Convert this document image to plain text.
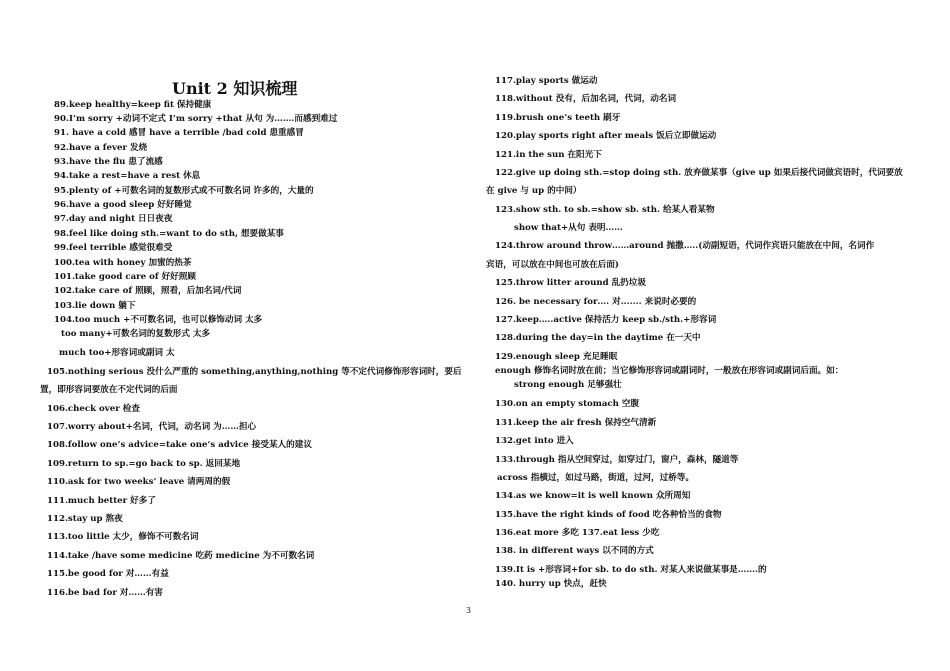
Unit 2 知识梳理
89.keep healthy=keep fit 保持健康
90.I’m sorry +动词不定式 I’m sorry +that 从句 为…….而感到难过
91. have a cold 感冒 have a terrible /bad cold 患重感冒
92.have a fever 发烧
93.have the flu 患了流感
94.take a rest=have a rest 休息
95.plenty of +可数名词的复数形式或不可数名词 许多的，大量的
96.have a good sleep 好好睡觉
97.day and night 日日夜夜
98.feel like doing sth.=want to do sth, 想要做某事
99.feel terrible 感觉很难受
100.tea with honey 加蜜的热茶
101.take good care of 好好照顾
102.take care of 照顾，照看，后加名词/代词
103.lie down 躺下
104.too much +不可数名词，也可以修饰动词 太多
too many+可数名词的复数形式 太多
much too+形容词或副词 太
105.nothing serious 没什么严重的 something,anything,nothing 等不定代词修饰形容词时，要后
置，即形容词要放在不定代词的后面
106.check over 检查
107.worry about+名词，代词，动名词 为……担心
108.follow one’s advice=take one’s advice 接受某人的建议
109.return to sp.=go back to sp. 返回某地
110.ask for two weeks’ leave 请两周的假
111.much better 好多了
112.stay up 熬夜
113.too little 太少，修饰不可数名词
114.take /have some medicine 吃药 medicine 为不可数名词
115.be good for 对……有益
116.be bad for 对……有害
117.play sports 做运动
118.without 没有，后加名词，代词，动名词
119.brush one’s teeth 刷牙
120.play sports right after meals 饭后立即做运动
121.in the sun 在阳光下
122.give up doing sth.=stop doing sth. 放弃做某事（give up 如果后接代词做宾语时，代词要放
在 give 与 up 的中间）
123.show sth. to sb.=show sb. sth. 给某人看某物
show that+从句 表明……
124.throw around throw……around 抛撒…..(动副短语，代词作宾语只能放在中间，名词作
宾语，可以放在中间也可放在后面)
125.throw litter around 乱扔垃圾
126. be necessary for…. 对....... 来说时必要的
127.keep…..active 保持活力 keep sb./sth.+形容词
128.during the day=in the daytime 在一天中
129.enough sleep 充足睡眠
enough 修饰名词时放在前；当它修饰形容词或副词时，一般放在形容词或副词后面。如：
strong enough 足够强壮
130.on an empty stomach 空腹
131.keep the air fresh 保持空气清新
132.get into 进入
133.through 指从空间穿过，如穿过门，窗户，森林，隧道等
across 指横过，如过马路，街道，过河，过桥等。
134.as we know=it is well known 众所周知
135.have the right kinds of food 吃各种恰当的食物
136.eat more 多吃 137.eat less 少吃
138. in different ways 以不同的方式
139.It is +形容词+for sb. to do sth. 对某人来说做某事是…….的
140. hurry up 快点，赶快
3
